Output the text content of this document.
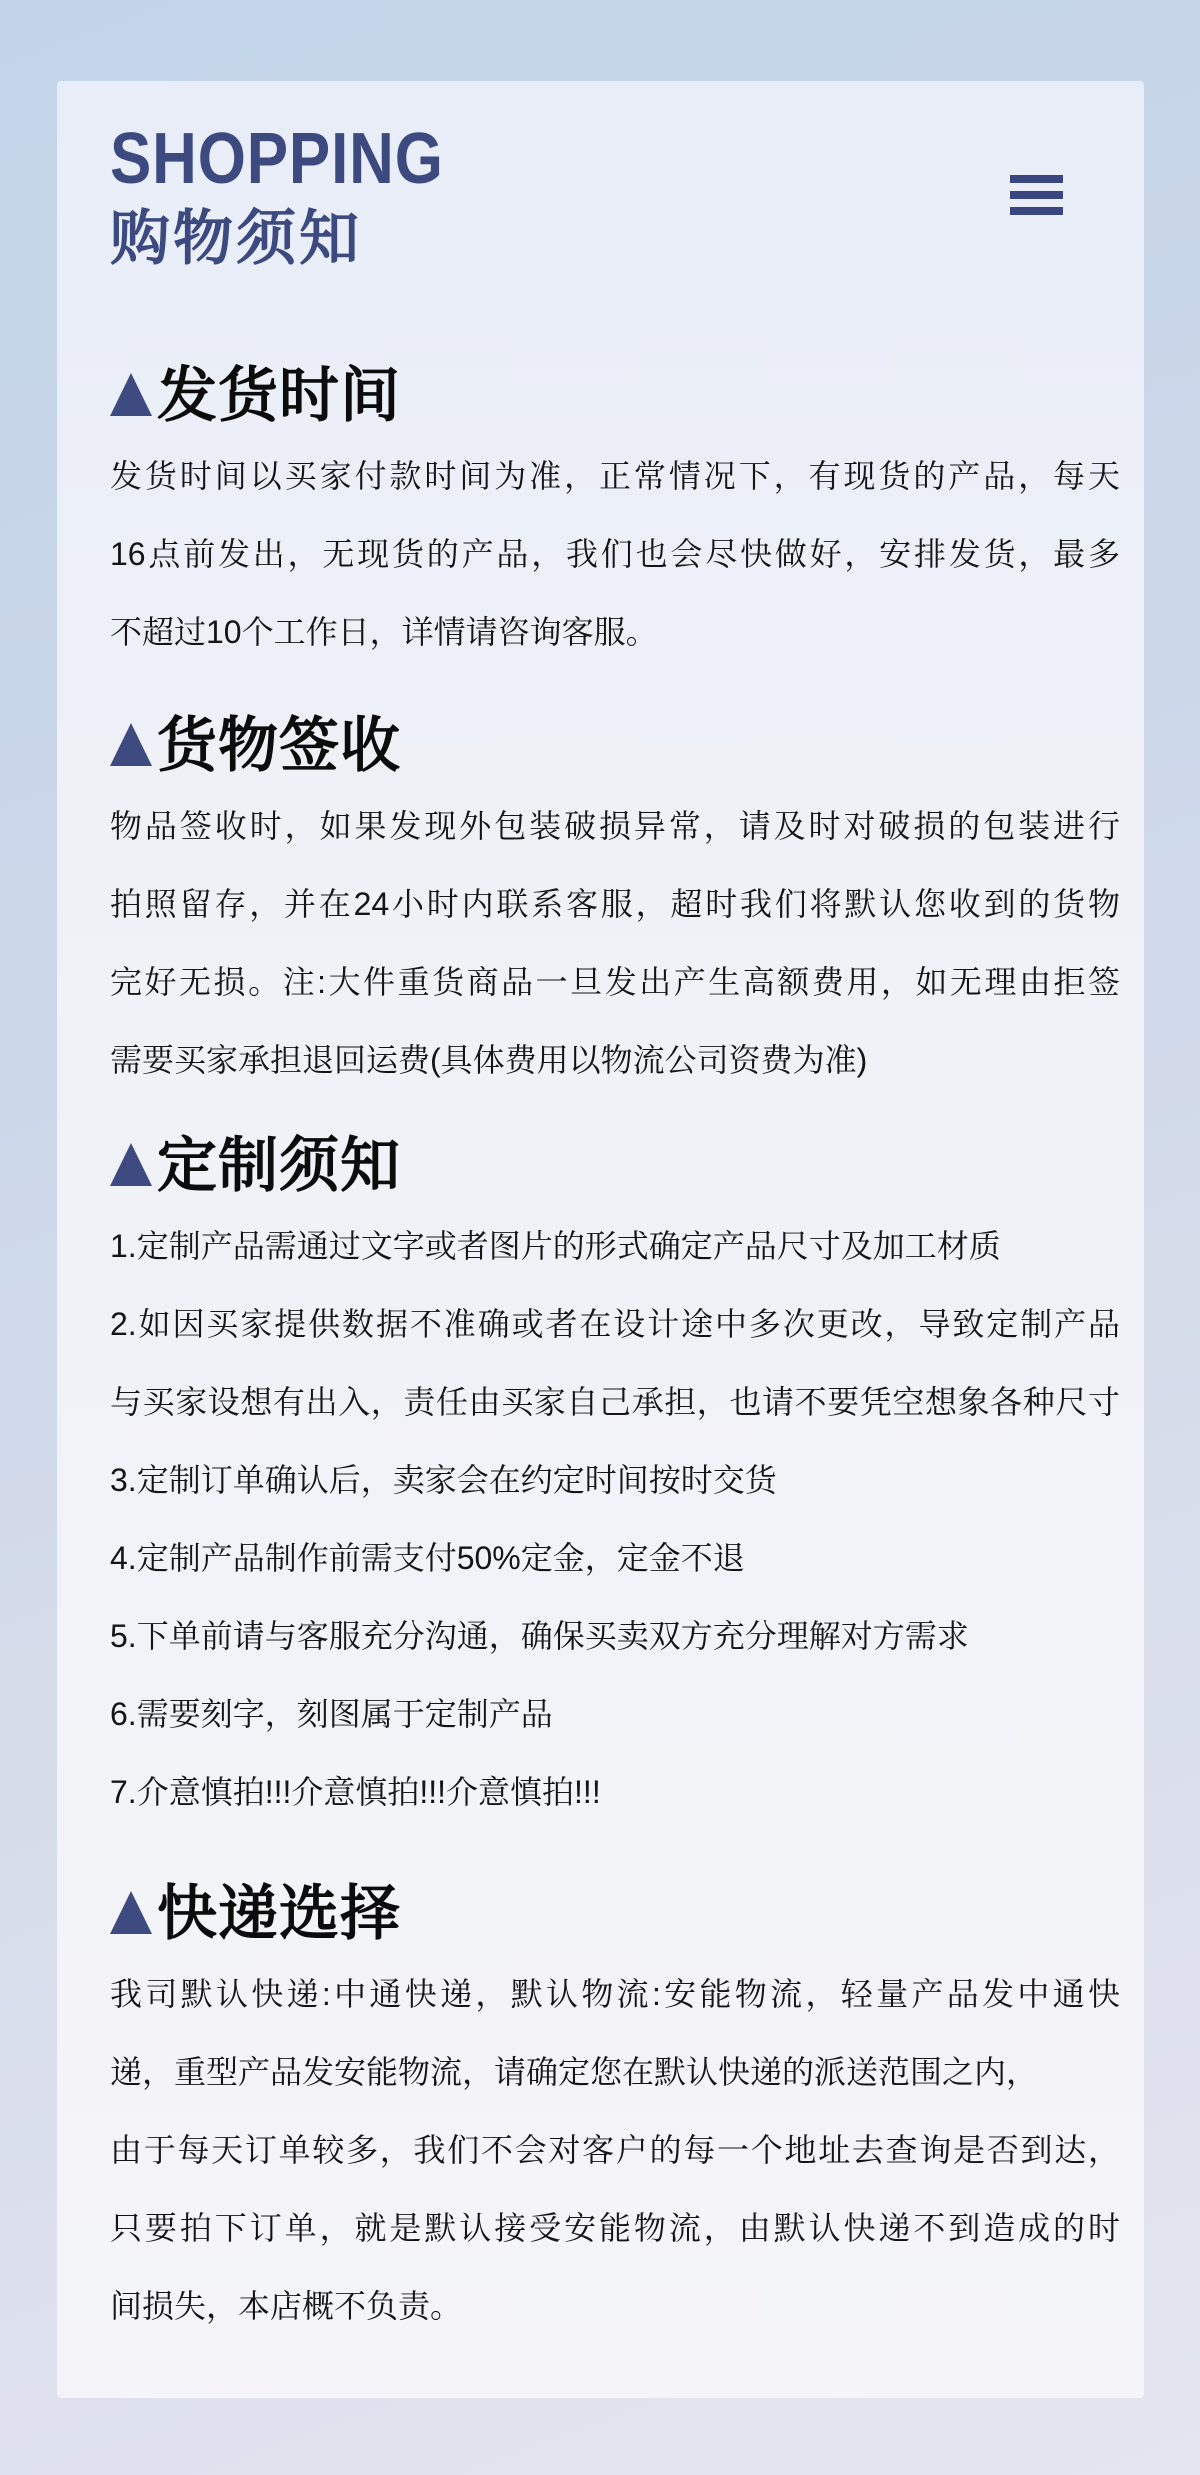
SHOPPING
购物须知
发货时间
发货时间以买家付款时间为准，正常情况下，有现货的产品，每天
16点前发出，无现货的产品，我们也会尽快做好，安排发货，最多
不超过10个工作日，详情请咨询客服。
货物签收
物品签收时，如果发现外包装破损异常，请及时对破损的包装进行
拍照留存，并在24小时内联系客服，超时我们将默认您收到的货物
完好无损。注:大件重货商品一旦发出产生高额费用，如无理由拒签
需要买家承担退回运费(具体费用以物流公司资费为准)
定制须知
1.定制产品需通过文字或者图片的形式确定产品尺寸及加工材质
2.如因买家提供数据不准确或者在设计途中多次更改，导致定制产品
与买家设想有出入，责任由买家自己承担，也请不要凭空想象各种尺寸
3.定制订单确认后，卖家会在约定时间按时交货
4.定制产品制作前需支付50%定金，定金不退
5.下单前请与客服充分沟通，确保买卖双方充分理解对方需求
6.需要刻字，刻图属于定制产品
7.介意慎拍!!!介意慎拍!!!介意慎拍!!!
快递选择
我司默认快递:中通快递，默认物流:安能物流，轻量产品发中通快
递，重型产品发安能物流，请确定您在默认快递的派送范围之内，
由于每天订单较多，我们不会对客户的每一个地址去查询是否到达，
只要拍下订单，就是默认接受安能物流，由默认快递不到造成的时
间损失，本店概不负责。
